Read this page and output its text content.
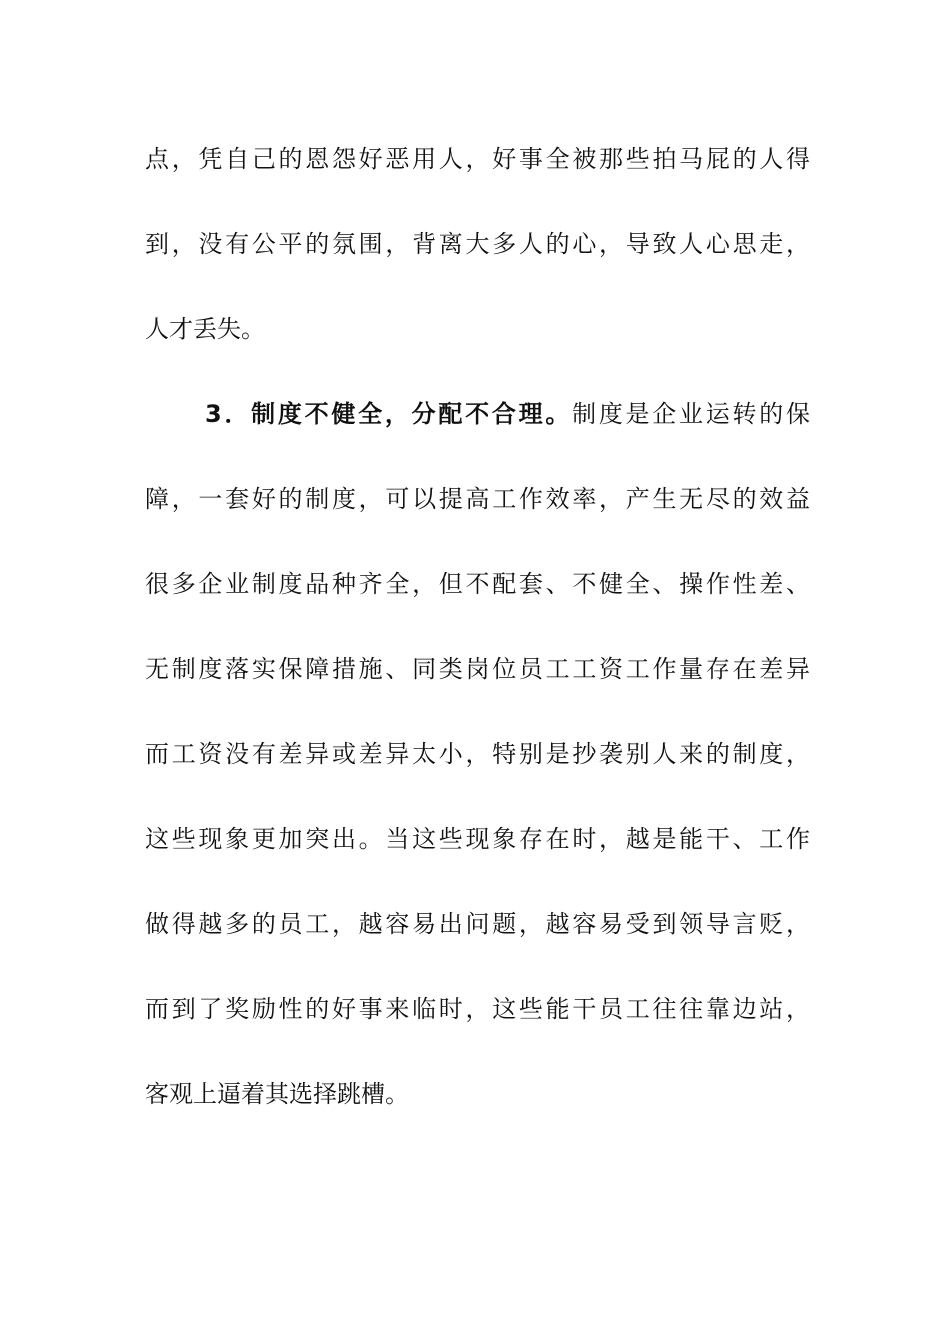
点，凭自己的恩怨好恶用人，好事全被那些拍马屁的人得
到，没有公平的氛围，背离大多人的心，导致人心思走，
人才丢失。
3．制度不健全，分配不合理。制度是企业运转的保
障，一套好的制度，可以提高工作效率，产生无尽的效益
很多企业制度品种齐全，但不配套、不健全、操作性差、
无制度落实保障措施、同类岗位员工工资工作量存在差异
而工资没有差异或差异太小，特别是抄袭别人来的制度，
这些现象更加突出。当这些现象存在时，越是能干、工作
做得越多的员工，越容易出问题，越容易受到领导言贬，
而到了奖励性的好事来临时，这些能干员工往往靠边站，
客观上逼着其选择跳槽。
